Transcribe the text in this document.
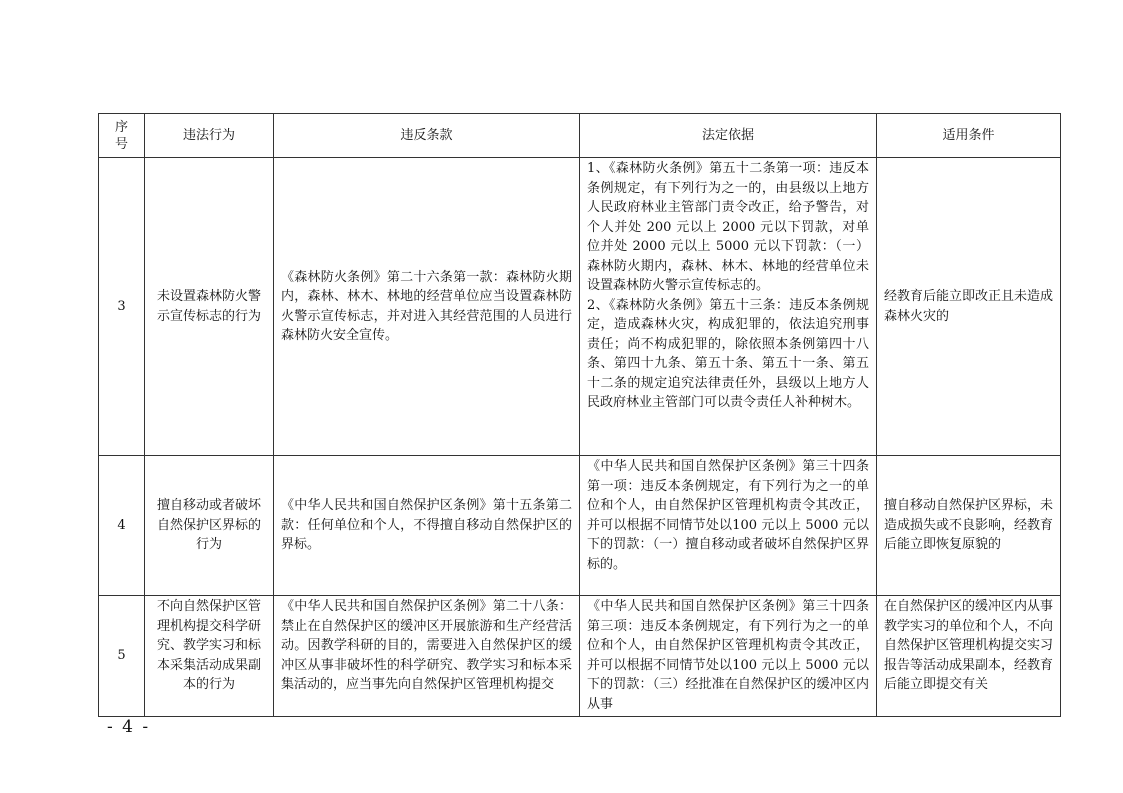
序
号	违法行为	违反条款	法定依据	适用条件
3	未设置森林防火警示宣传标志的行为	《森林防火条例》第二十六条第一款：森林防火期内，森林、林木、林地的经营单位应当设置森林防火警示宣传标志，并对进入其经营范围的人员进行森林防火安全宣传。	1、《森林防火条例》第五十二条第一项：违反本条例规定，有下列行为之一的，由县级以上地方人民政府林业主管部门责令改正，给予警告，对个人并处 200 元以上 2000 元以下罚款，对单位并处 2000 元以上 5000 元以下罚款：（一）森林防火期内，森林、林木、林地的经营单位未设置森林防火警示宣传标志的。
2、《森林防火条例》第五十三条：违反本条例规定，造成森林火灾，构成犯罪的，依法追究刑事责任；尚不构成犯罪的，除依照本条例第四十八条、第四十九条、第五十条、第五十一条、第五十二条的规定追究法律责任外，县级以上地方人民政府林业主管部门可以责令责任人补种树木。	经教育后能立即改正且未造成森林火灾的
4	擅自移动或者破坏自然保护区界标的行为	《中华人民共和国自然保护区条例》第十五条第二款：任何单位和个人，不得擅自移动自然保护区的界标。	《中华人民共和国自然保护区条例》第三十四条第一项：违反本条例规定，有下列行为之一的单位和个人，由自然保护区管理机构责令其改正，并可以根据不同情节处以100 元以上 5000 元以下的罚款：（一）擅自移动或者破坏自然保护区界标的。	擅自移动自然保护区界标，未造成损失或不良影响，经教育后能立即恢复原貌的
5	不向自然保护区管理机构提交科学研究、教学实习和标本采集活动成果副本的行为	《中华人民共和国自然保护区条例》第二十八条：禁止在自然保护区的缓冲区开展旅游和生产经营活动。因教学科研的目的，需要进入自然保护区的缓冲区从事非破坏性的科学研究、教学实习和标本采集活动的，应当事先向自然保护区管理机构提交	《中华人民共和国自然保护区条例》第三十四条第三项：违反本条例规定，有下列行为之一的单位和个人，由自然保护区管理机构责令其改正，并可以根据不同情节处以100 元以上 5000 元以下的罚款：（三）经批准在自然保护区的缓冲区内从事	在自然保护区的缓冲区内从事教学实习的单位和个人，不向自然保护区管理机构提交实习报告等活动成果副本，经教育后能立即提交有关
- 4 -
